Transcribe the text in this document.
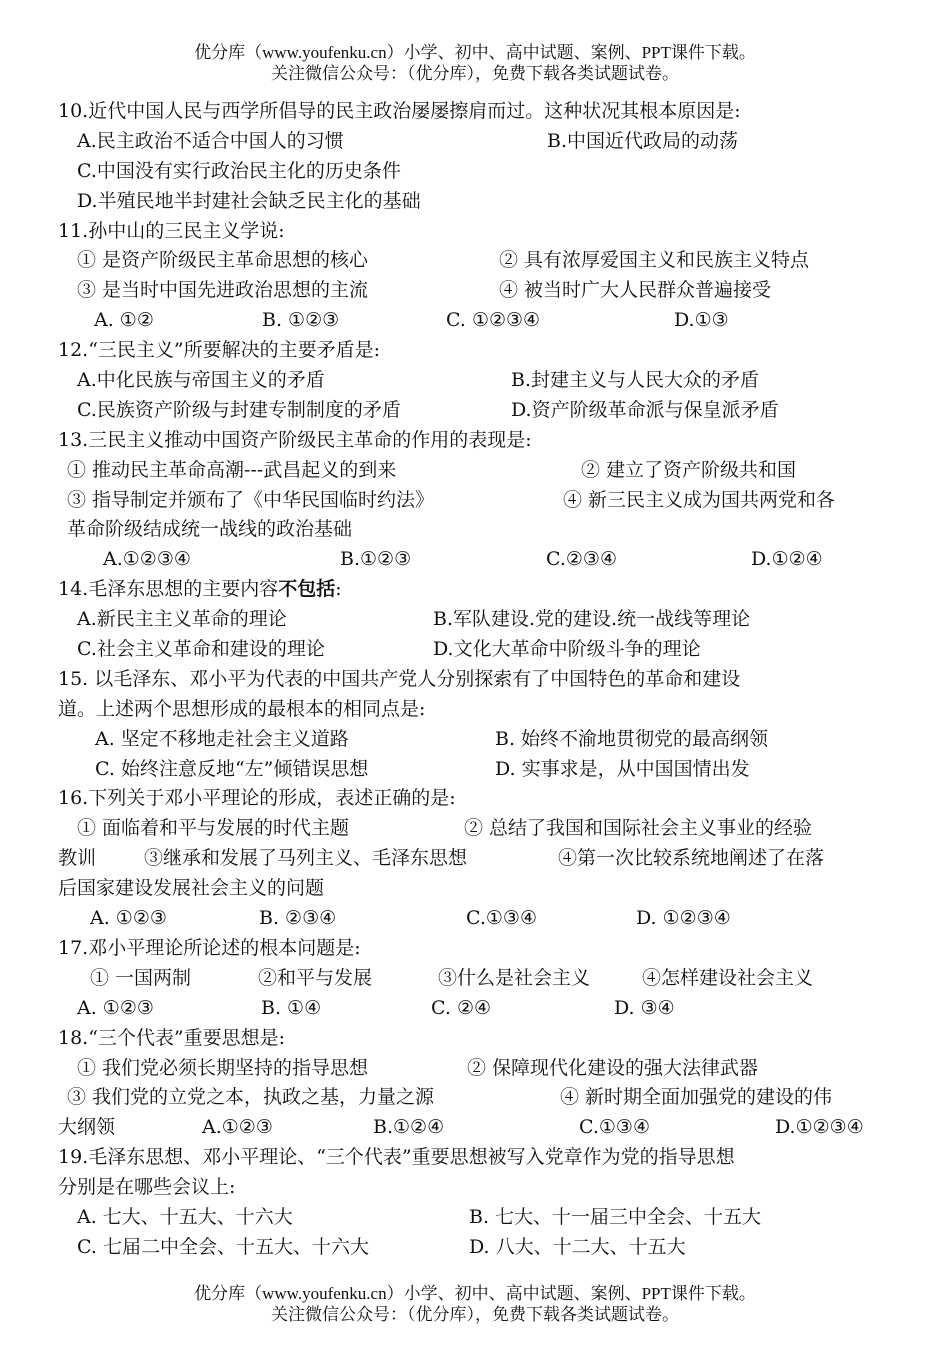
优分库（www.youfenku.cn）小学、初中、高中试题、案例、PPT课件下载。
关注微信公众号：（优分库），免费下载各类试题试卷。
10.近代中国人民与西学所倡导的民主政治屡屡擦肩而过。这种状况其根本原因是:
A.民主政治不适合中国人的习惯	B.中国近代政局的动荡
C.中国没有实行政治民主化的历史条件
D.半殖民地半封建社会缺乏民主化的基础
11.孙中山的三民主义学说:
① 是资产阶级民主革命思想的核心	② 具有浓厚爱国主义和民族主义特点
③ 是当时中国先进政治思想的主流	④ 被当时广大人民群众普遍接受
A. ①②	B. ①②③	C. ①②③④	D.①③
12.“三民主义”所要解决的主要矛盾是:
A.中化民族与帝国主义的矛盾	B.封建主义与人民大众的矛盾
C.民族资产阶级与封建专制制度的矛盾	D.资产阶级革命派与保皇派矛盾
13.三民主义推动中国资产阶级民主革命的作用的表现是:
① 推动民主革命高潮---武昌起义的到来	② 建立了资产阶级共和国
③ 指导制定并颁布了《中华民国临时约法》	④ 新三民主义成为国共两党和各
革命阶级结成统一战线的政治基础
A.①②③④	B.①②③	C.②③④	D.①②④
14.毛泽东思想的主要内容不包括:
A.新民主主义革命的理论	B.军队建设.党的建设.统一战线等理论
C.社会主义革命和建设的理论	D.文化大革命中阶级斗争的理论
15. 以毛泽东、邓小平为代表的中国共产党人分别探索有了中国特色的革命和建设
道。上述两个思想形成的最根本的相同点是:
A. 坚定不移地走社会主义道路	B. 始终不渝地贯彻党的最高纲领
C. 始终注意反地“左”倾错误思想	D. 实事求是，从中国国情出发
16.下列关于邓小平理论的形成，表述正确的是:
① 面临着和平与发展的时代主题	② 总结了我国和国际社会主义事业的经验
教训	③继承和发展了马列主义、毛泽东思想	④第一次比较系统地阐述了在落
后国家建设发展社会主义的问题
A. ①②③	B. ②③④	C.①③④	D. ①②③④
17.邓小平理论所论述的根本问题是:
① 一国两制	②和平与发展	③什么是社会主义	④怎样建设社会主义
A. ①②③	B. ①④	C. ②④	D. ③④
18.“三个代表”重要思想是:
① 我们党必须长期坚持的指导思想	② 保障现代化建设的强大法律武器
③ 我们党的立党之本，执政之基，力量之源	④ 新时期全面加强党的建设的伟
大纲领	A.①②③	B.①②④	C.①③④	D.①②③④
19.毛泽东思想、邓小平理论、“三个代表”重要思想被写入党章作为党的指导思想
分别是在哪些会议上:
A. 七大、十五大、十六大	B. 七大、十一届三中全会、十五大
C. 七届二中全会、十五大、十六大	D. 八大、十二大、十五大
优分库（www.youfenku.cn）小学、初中、高中试题、案例、PPT课件下载。
关注微信公众号：（优分库），免费下载各类试题试卷。
